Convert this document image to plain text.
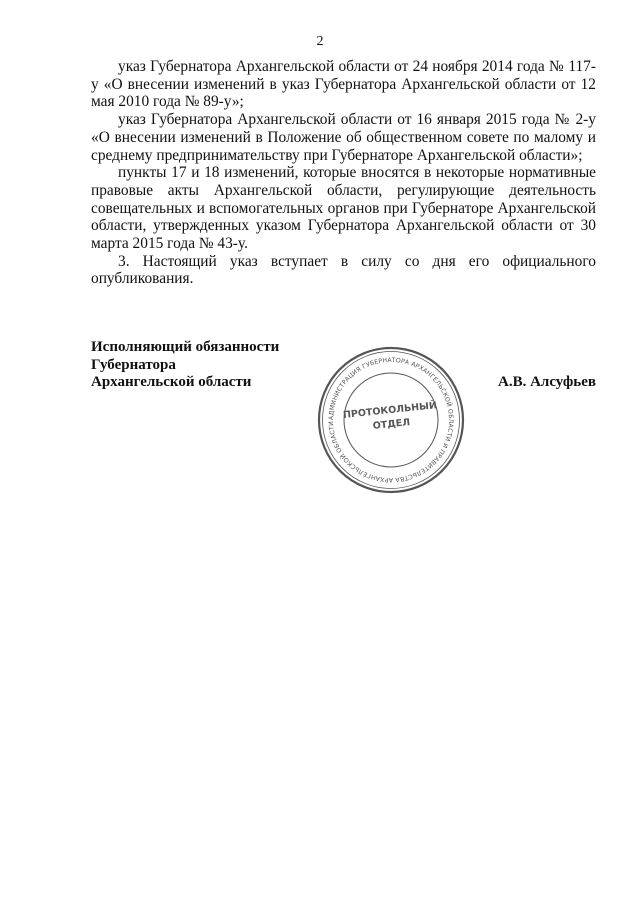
2

указ Губернатора Архангельской области от 24 ноября 2014 года № 117-у «О внесении изменений в указ Губернатора Архангельской области от 12 мая 2010 года № 89-у»;

указ Губернатора Архангельской области от 16 января 2015 года № 2-у «О внесении изменений в Положение об общественном совете по малому и среднему предпринимательству при Губернаторе Архангельской области»;

пункты 17 и 18 изменений, которые вносятся в некоторые нормативные правовые акты Архангельской области, регулирующие деятельность совещательных и вспомогательных органов при Губернаторе Архангельской области, утвержденных указом Губернатора Архангельской области от 30 марта 2015 года № 43-у.

3. Настоящий указ вступает в силу со дня его официального опубликования.

Исполняющий обязанности
Губернатора
Архангельской области	А.В. Алсуфьев
АДМИНИСТРАЦИЯ ГУБЕРНАТОРА АРХАНГЕЛЬСКОЙ ОБЛАСТИ И ПРАВИТЕЛЬСТВА АРХАНГЕЛЬСКОЙ ОБЛАСТИ • ДЕПАРТАМЕНТ ОРГАНИЗАЦИОННОГО И ДОКУМЕНТАЦИОННОГО ОБЕСПЕЧЕНИЯ •
ПРОТОКОЛЬНЫЙ
ОТДЕЛ
